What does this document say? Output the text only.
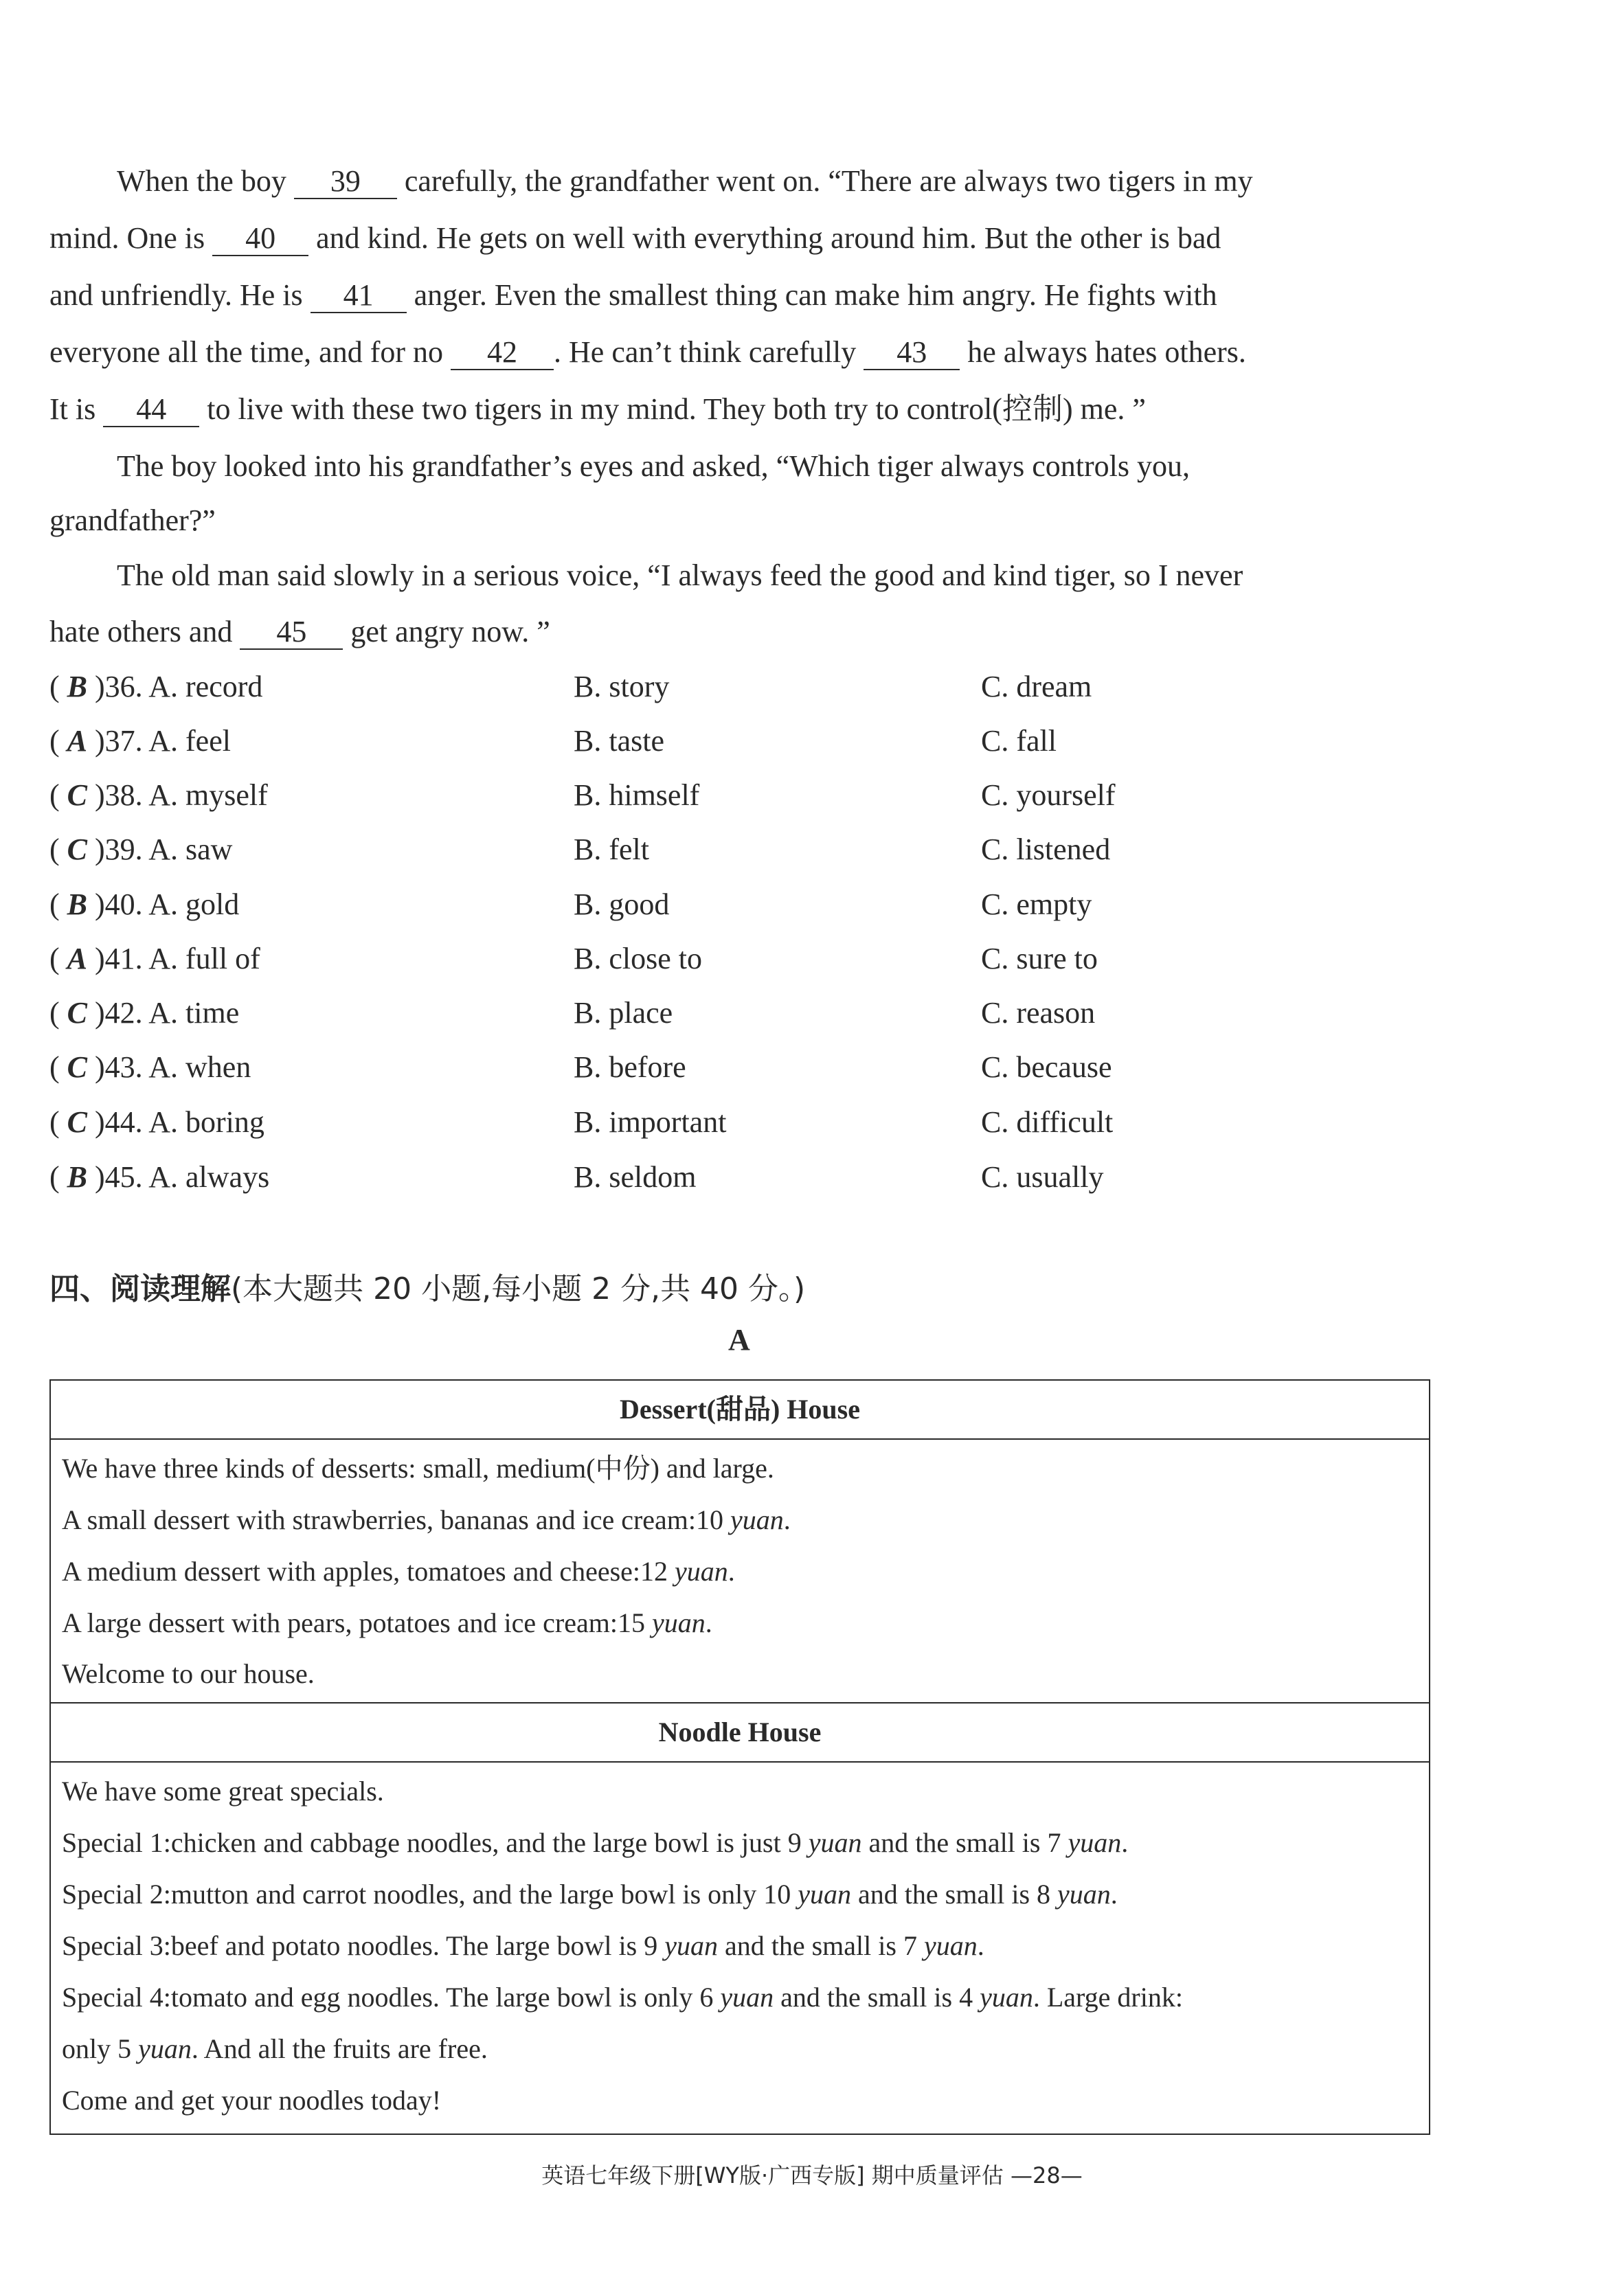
When the boy 39 carefully, the grandfather went on. “There are always two tigers in my
mind. One is 40 and kind. He gets on well with everything around him. But the other is bad
and unfriendly. He is 41 anger. Even the smallest thing can make him angry. He fights with
everyone all the time, and for no 42 . He can’t think carefully 43 he always hates others.
It is 44 to live with these two tigers in my mind. They both try to control(控制) me. ”
The boy looked into his grandfather’s eyes and asked, “Which tiger always controls you,
grandfather?”
The old man said slowly in a serious voice, “I always feed the good and kind tiger, so I never
hate others and 45 get angry now. ”
( B )36. A. record	B. story	C. dream
( A )37. A. feel	B. taste	C. fall
( C )38. A. myself	B. himself	C. yourself
( C )39. A. saw	B. felt	C. listened
( B )40. A. gold	B. good	C. empty
( A )41. A. full of	B. close to	C. sure to
( C )42. A. time	B. place	C. reason
( C )43. A. when	B. before	C. because
( C )44. A. boring	B. important	C. difficult
( B )45. A. always	B. seldom	C. usually
四、阅读理解(本大题共 20 小题,每小题 2 分,共 40 分。)
A
Dessert(甜品) House
We have three kinds of desserts: small, medium(中份) and large.
A small dessert with strawberries, bananas and ice cream:10 yuan.
A medium dessert with apples, tomatoes and cheese:12 yuan.
A large dessert with pears, potatoes and ice cream:15 yuan.
Welcome to our house.
Noodle House
We have some great specials.
Special 1:chicken and cabbage noodles, and the large bowl is just 9 yuan and the small is 7 yuan.
Special 2:mutton and carrot noodles, and the large bowl is only 10 yuan and the small is 8 yuan.
Special 3:beef and potato noodles. The large bowl is 9 yuan and the small is 7 yuan.
Special 4:tomato and egg noodles. The large bowl is only 6 yuan and the small is 4 yuan. Large drink:
only 5 yuan. And all the fruits are free.
Come and get your noodles today!
英语七年级下册[WY版·广西专版] 期中质量评估 —28—
